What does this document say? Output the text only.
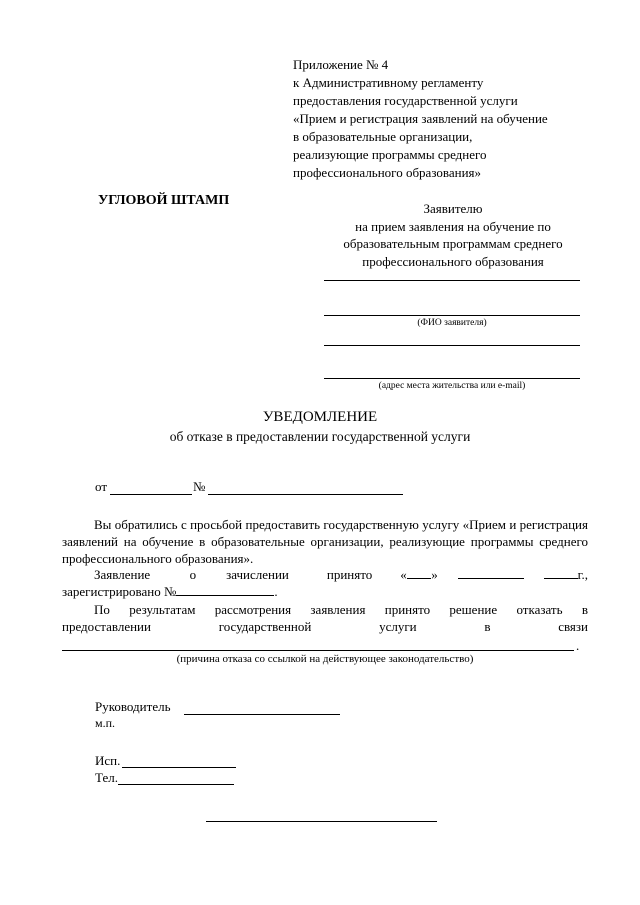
Приложение № 4
к Административному регламенту
предоставления государственной услуги
«Прием и регистрация заявлений на обучение
в образовательные организации,
реализующие программы среднего
профессионального образования»
УГЛОВОЙ ШТАМП
Заявителю
на прием заявления на обучение по
образовательным программам среднего
профессионального образования
(ФИО заявителя)
(адрес места жительства или e-mail)
УВЕДОМЛЕНИЕ
об отказе в предоставлении государственной услуги
от	№
Вы обратились с просьбой предоставить государственную услугу «Прием и регистрация заявлений на обучение в образовательные организации, реализующие программы среднего профессионального образования».
Заявление	о зачислении	принято « »	г.,
зарегистрировано №	.
По результатам рассмотрения заявления принято решение отказать в
предоставлении	государственной	услуги	в	связи
.
(причина отказа со ссылкой на действующее законодательство)
Руководитель
м.п.
Исп.
Тел.
